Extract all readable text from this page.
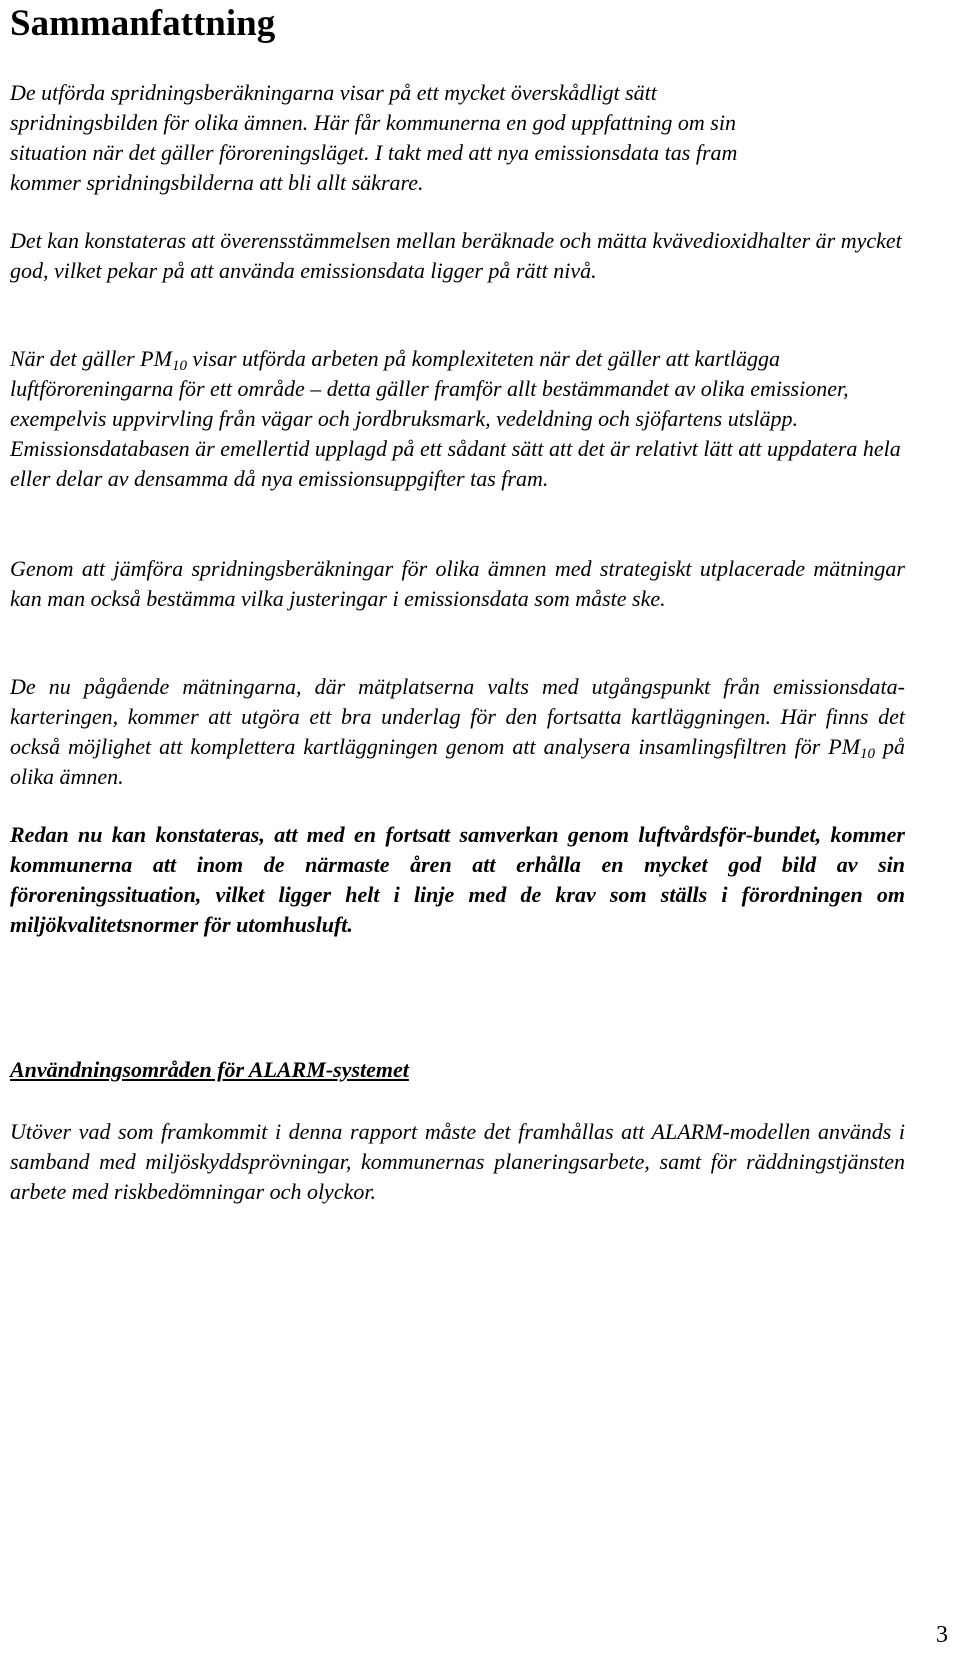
Sammanfattning

De utförda spridningsberäkningarna visar på ett mycket överskådligt sätt spridningsbilden för olika ämnen. Här får kommunerna en god uppfattning om sin situation när det gäller föroreningsläget. I takt med att nya emissionsdata tas fram kommer spridningsbilderna att bli allt säkrare.

Det kan konstateras att överensstämmelsen mellan beräknade och mätta kvävedioxidhalter är mycket god, vilket pekar på att använda emissionsdata ligger på rätt nivå.

När det gäller $PM_{10}$ visar utförda arbeten på komplexiteten när det gäller att kartlägga luftföroreningarna för ett område – detta gäller framför allt bestämmandet av olika emissioner, exempelvis uppvirvling från vägar och jordbruksmark, vedeldning och sjöfartens utsläpp. Emissionsdatabasen är emellertid upplagd på ett sådant sätt att det är relativt lätt att uppdatera hela eller delar av densamma då nya emissionsuppgifter tas fram.

Genom att jämföra spridningsberäkningar för olika ämnen med strategiskt utplacerade mätningar kan man också bestämma vilka justeringar i emissionsdata som måste ske.

De nu pågående mätningarna, där mätplatserna valts med utgångspunkt från emissionsdata-karteringen, kommer att utgöra ett bra underlag för den fortsatta kartläggningen. Här finns det också möjlighet att komplettera kartläggningen genom att analysera insamlingsfiltren för $PM_{10}$ på olika ämnen.

Redan nu kan konstateras, att med en fortsatt samverkan genom luftvårdsför-bundet, kommer kommunerna att inom de närmaste åren att erhålla en mycket god bild av sin föroreningssituation, vilket ligger helt i linje med de krav som ställs i förordningen om miljökvalitetsnormer för utomhusluft.

Användningsområden för ALARM-systemet

Utöver vad som framkommit i denna rapport måste det framhållas att ALARM-modellen används i samband med miljöskyddsprövningar, kommunernas planeringsarbete, samt för räddningstjänsten arbete med riskbedömningar och olyckor.

3
